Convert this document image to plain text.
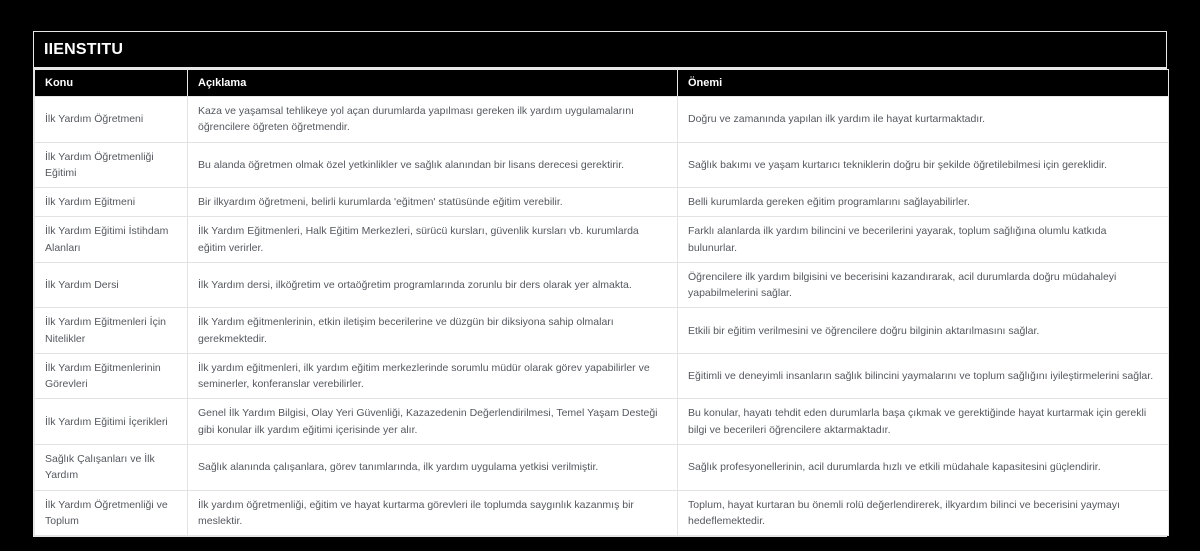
IIENSTITU
Konu	Açıklama	Önemi
İlk Yardım Öğretmeni	Kaza ve yaşamsal tehlikeye yol açan durumlarda yapılması gereken ilk yardım uygulamalarını öğrencilere öğreten öğretmendir.	Doğru ve zamanında yapılan ilk yardım ile hayat kurtarmaktadır.
İlk Yardım Öğretmenliği Eğitimi	Bu alanda öğretmen olmak özel yetkinlikler ve sağlık alanından bir lisans derecesi gerektirir.	Sağlık bakımı ve yaşam kurtarıcı tekniklerin doğru bir şekilde öğretilebilmesi için gereklidir.
İlk Yardım Eğitmeni	Bir ilkyardım öğretmeni, belirli kurumlarda 'eğitmen' statüsünde eğitim verebilir.	Belli kurumlarda gereken eğitim programlarını sağlayabilirler.
İlk Yardım Eğitimi İstihdam Alanları	İlk Yardım Eğitmenleri, Halk Eğitim Merkezleri, sürücü kursları, güvenlik kursları vb. kurumlarda eğitim verirler.	Farklı alanlarda ilk yardım bilincini ve becerilerini yayarak, toplum sağlığına olumlu katkıda bulunurlar.
İlk Yardım Dersi	İlk Yardım dersi, ilköğretim ve ortaöğretim programlarında zorunlu bir ders olarak yer almakta.	Öğrencilere ilk yardım bilgisini ve becerisini kazandırarak, acil durumlarda doğru müdahaleyi yapabilmelerini sağlar.
İlk Yardım Eğitmenleri İçin Nitelikler	İlk Yardım eğitmenlerinin, etkin iletişim becerilerine ve düzgün bir diksiyona sahip olmaları gerekmektedir.	Etkili bir eğitim verilmesini ve öğrencilere doğru bilginin aktarılmasını sağlar.
İlk Yardım Eğitmenlerinin Görevleri	İlk yardım eğitmenleri, ilk yardım eğitim merkezlerinde sorumlu müdür olarak görev yapabilirler ve seminerler, konferanslar verebilirler.	Eğitimli ve deneyimli insanların sağlık bilincini yaymalarını ve toplum sağlığını iyileştirmelerini sağlar.
İlk Yardım Eğitimi İçerikleri	Genel İlk Yardım Bilgisi, Olay Yeri Güvenliği, Kazazedenin Değerlendirilmesi, Temel Yaşam Desteği gibi konular ilk yardım eğitimi içerisinde yer alır.	Bu konular, hayatı tehdit eden durumlarla başa çıkmak ve gerektiğinde hayat kurtarmak için gerekli bilgi ve becerileri öğrencilere aktarmaktadır.
Sağlık Çalışanları ve İlk Yardım	Sağlık alanında çalışanlara, görev tanımlarında, ilk yardım uygulama yetkisi verilmiştir.	Sağlık profesyonellerinin, acil durumlarda hızlı ve etkili müdahale kapasitesini güçlendirir.
İlk Yardım Öğretmenliği ve Toplum	İlk yardım öğretmenliği, eğitim ve hayat kurtarma görevleri ile toplumda saygınlık kazanmış bir meslektir.	Toplum, hayat kurtaran bu önemli rolü değerlendirerek, ilkyardım bilinci ve becerisini yaymayı hedeflemektedir.
